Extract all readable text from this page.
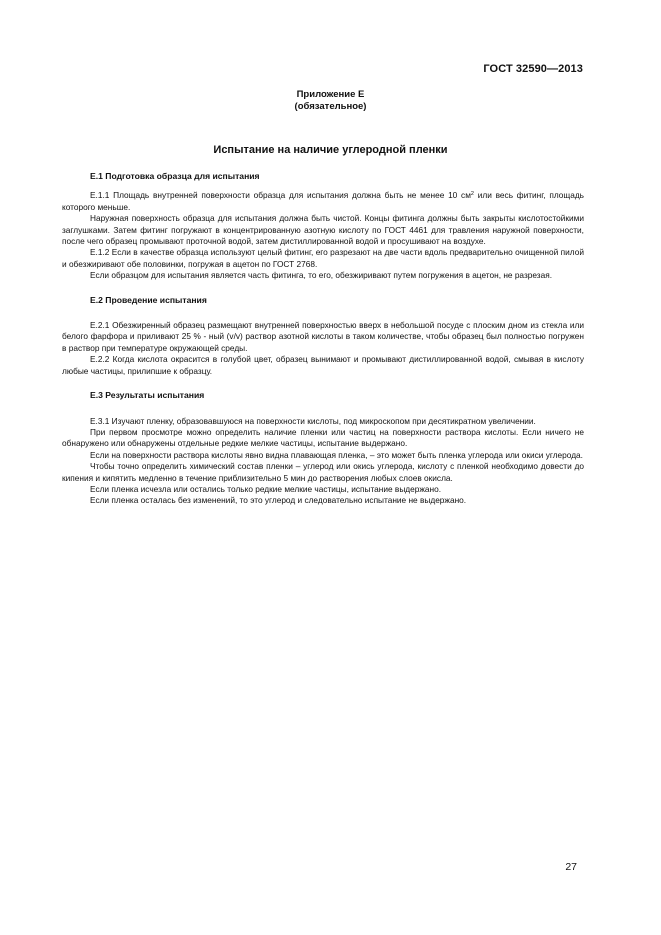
ГОСТ 32590—2013
Приложение Е
(обязательное)
Испытание на наличие углеродной пленки
Е.1 Подготовка образца для испытания

Е.1.1 Площадь внутренней поверхности образца для испытания должна быть не менее 10 $см^2$ или весь фитинг, площадь которого меньше.

Наружная поверхность образца для испытания должна быть чистой. Концы фитинга должны быть закрыты кислотостойкими заглушками. Затем фитинг погружают в концентрированную азотную кислоту по ГОСТ 4461 для травления наружной поверхности, после чего образец промывают проточной водой, затем дистиллированной водой и просушивают на воздухе.

Е.1.2 Если в качестве образца используют целый фитинг, его разрезают на две части вдоль предварительно очищенной пилой и обезжиривают обе половинки, погружая в ацетон по ГОСТ 2768.

Если образцом для испытания является часть фитинга, то его, обезжиривают путем погружения в ацетон, не разрезая.

Е.2 Проведение испытания

Е.2.1 Обезжиренный образец размещают внутренней поверхностью вверх в небольшой посуде с плоским дном из стекла или белого фарфора и приливают 25 % - ный (v/v) раствор азотной кислоты в таком количестве, чтобы образец был полностью погружен в раствор при температуре окружающей среды.

Е.2.2 Когда кислота окрасится в голубой цвет, образец вынимают и промывают дистиллированной водой, смывая в кислоту любые частицы, прилипшие к образцу.

Е.3 Результаты испытания

Е.3.1 Изучают пленку, образовавшуюся на поверхности кислоты, под микроскопом при десятикратном увеличении.

При первом просмотре можно определить наличие пленки или частиц на поверхности раствора кислоты. Если ничего не обнаружено или обнаружены отдельные редкие мелкие частицы, испытание выдержано.

Если на поверхности раствора кислоты явно видна плавающая пленка, – это может быть пленка углерода или окиси углерода.

Чтобы точно определить химический состав пленки – углерод или окись углерода, кислоту с пленкой необходимо довести до кипения и кипятить медленно в течение приблизительно 5 мин до растворения любых слоев окисла.

Если пленка исчезла или остались только редкие мелкие частицы, испытание выдержано.

Если пленка осталась без изменений, то это углерод и следовательно испытание не выдержано.

27
